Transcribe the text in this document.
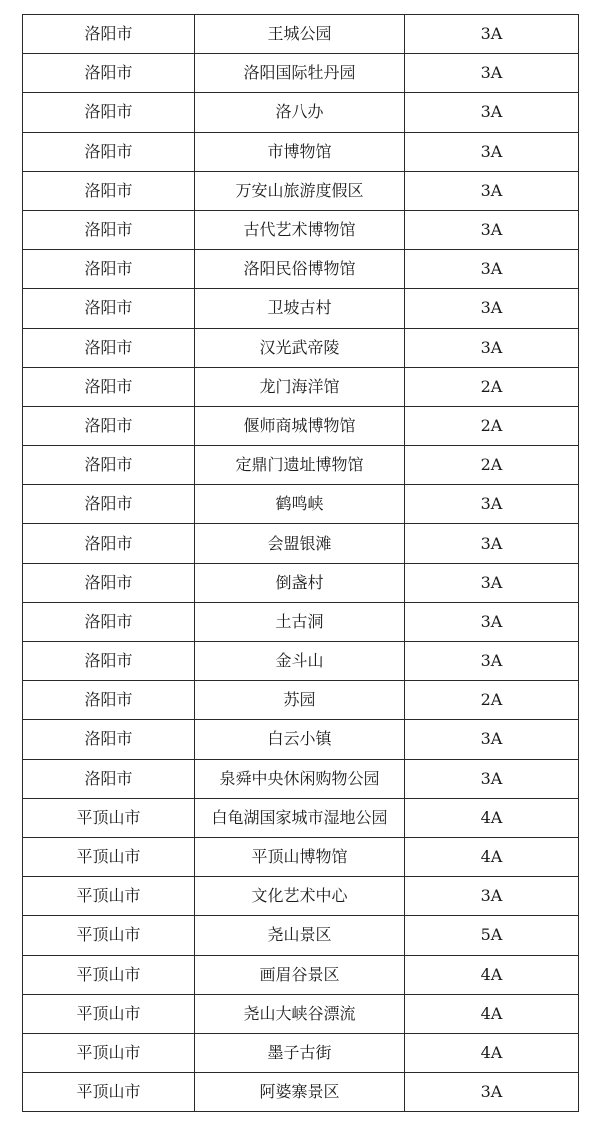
洛阳市	王城公园	3A
洛阳市	洛阳国际牡丹园	3A
洛阳市	洛八办	3A
洛阳市	市博物馆	3A
洛阳市	万安山旅游度假区	3A
洛阳市	古代艺术博物馆	3A
洛阳市	洛阳民俗博物馆	3A
洛阳市	卫坡古村	3A
洛阳市	汉光武帝陵	3A
洛阳市	龙门海洋馆	2A
洛阳市	偃师商城博物馆	2A
洛阳市	定鼎门遗址博物馆	2A
洛阳市	鹤鸣峡	3A
洛阳市	会盟银滩	3A
洛阳市	倒盏村	3A
洛阳市	土古洞	3A
洛阳市	金斗山	3A
洛阳市	苏园	2A
洛阳市	白云小镇	3A
洛阳市	泉舜中央休闲购物公园	3A
平顶山市	白龟湖国家城市湿地公园	4A
平顶山市	平顶山博物馆	4A
平顶山市	文化艺术中心	3A
平顶山市	尧山景区	5A
平顶山市	画眉谷景区	4A
平顶山市	尧山大峡谷漂流	4A
平顶山市	墨子古街	4A
平顶山市	阿婆寨景区	3A
